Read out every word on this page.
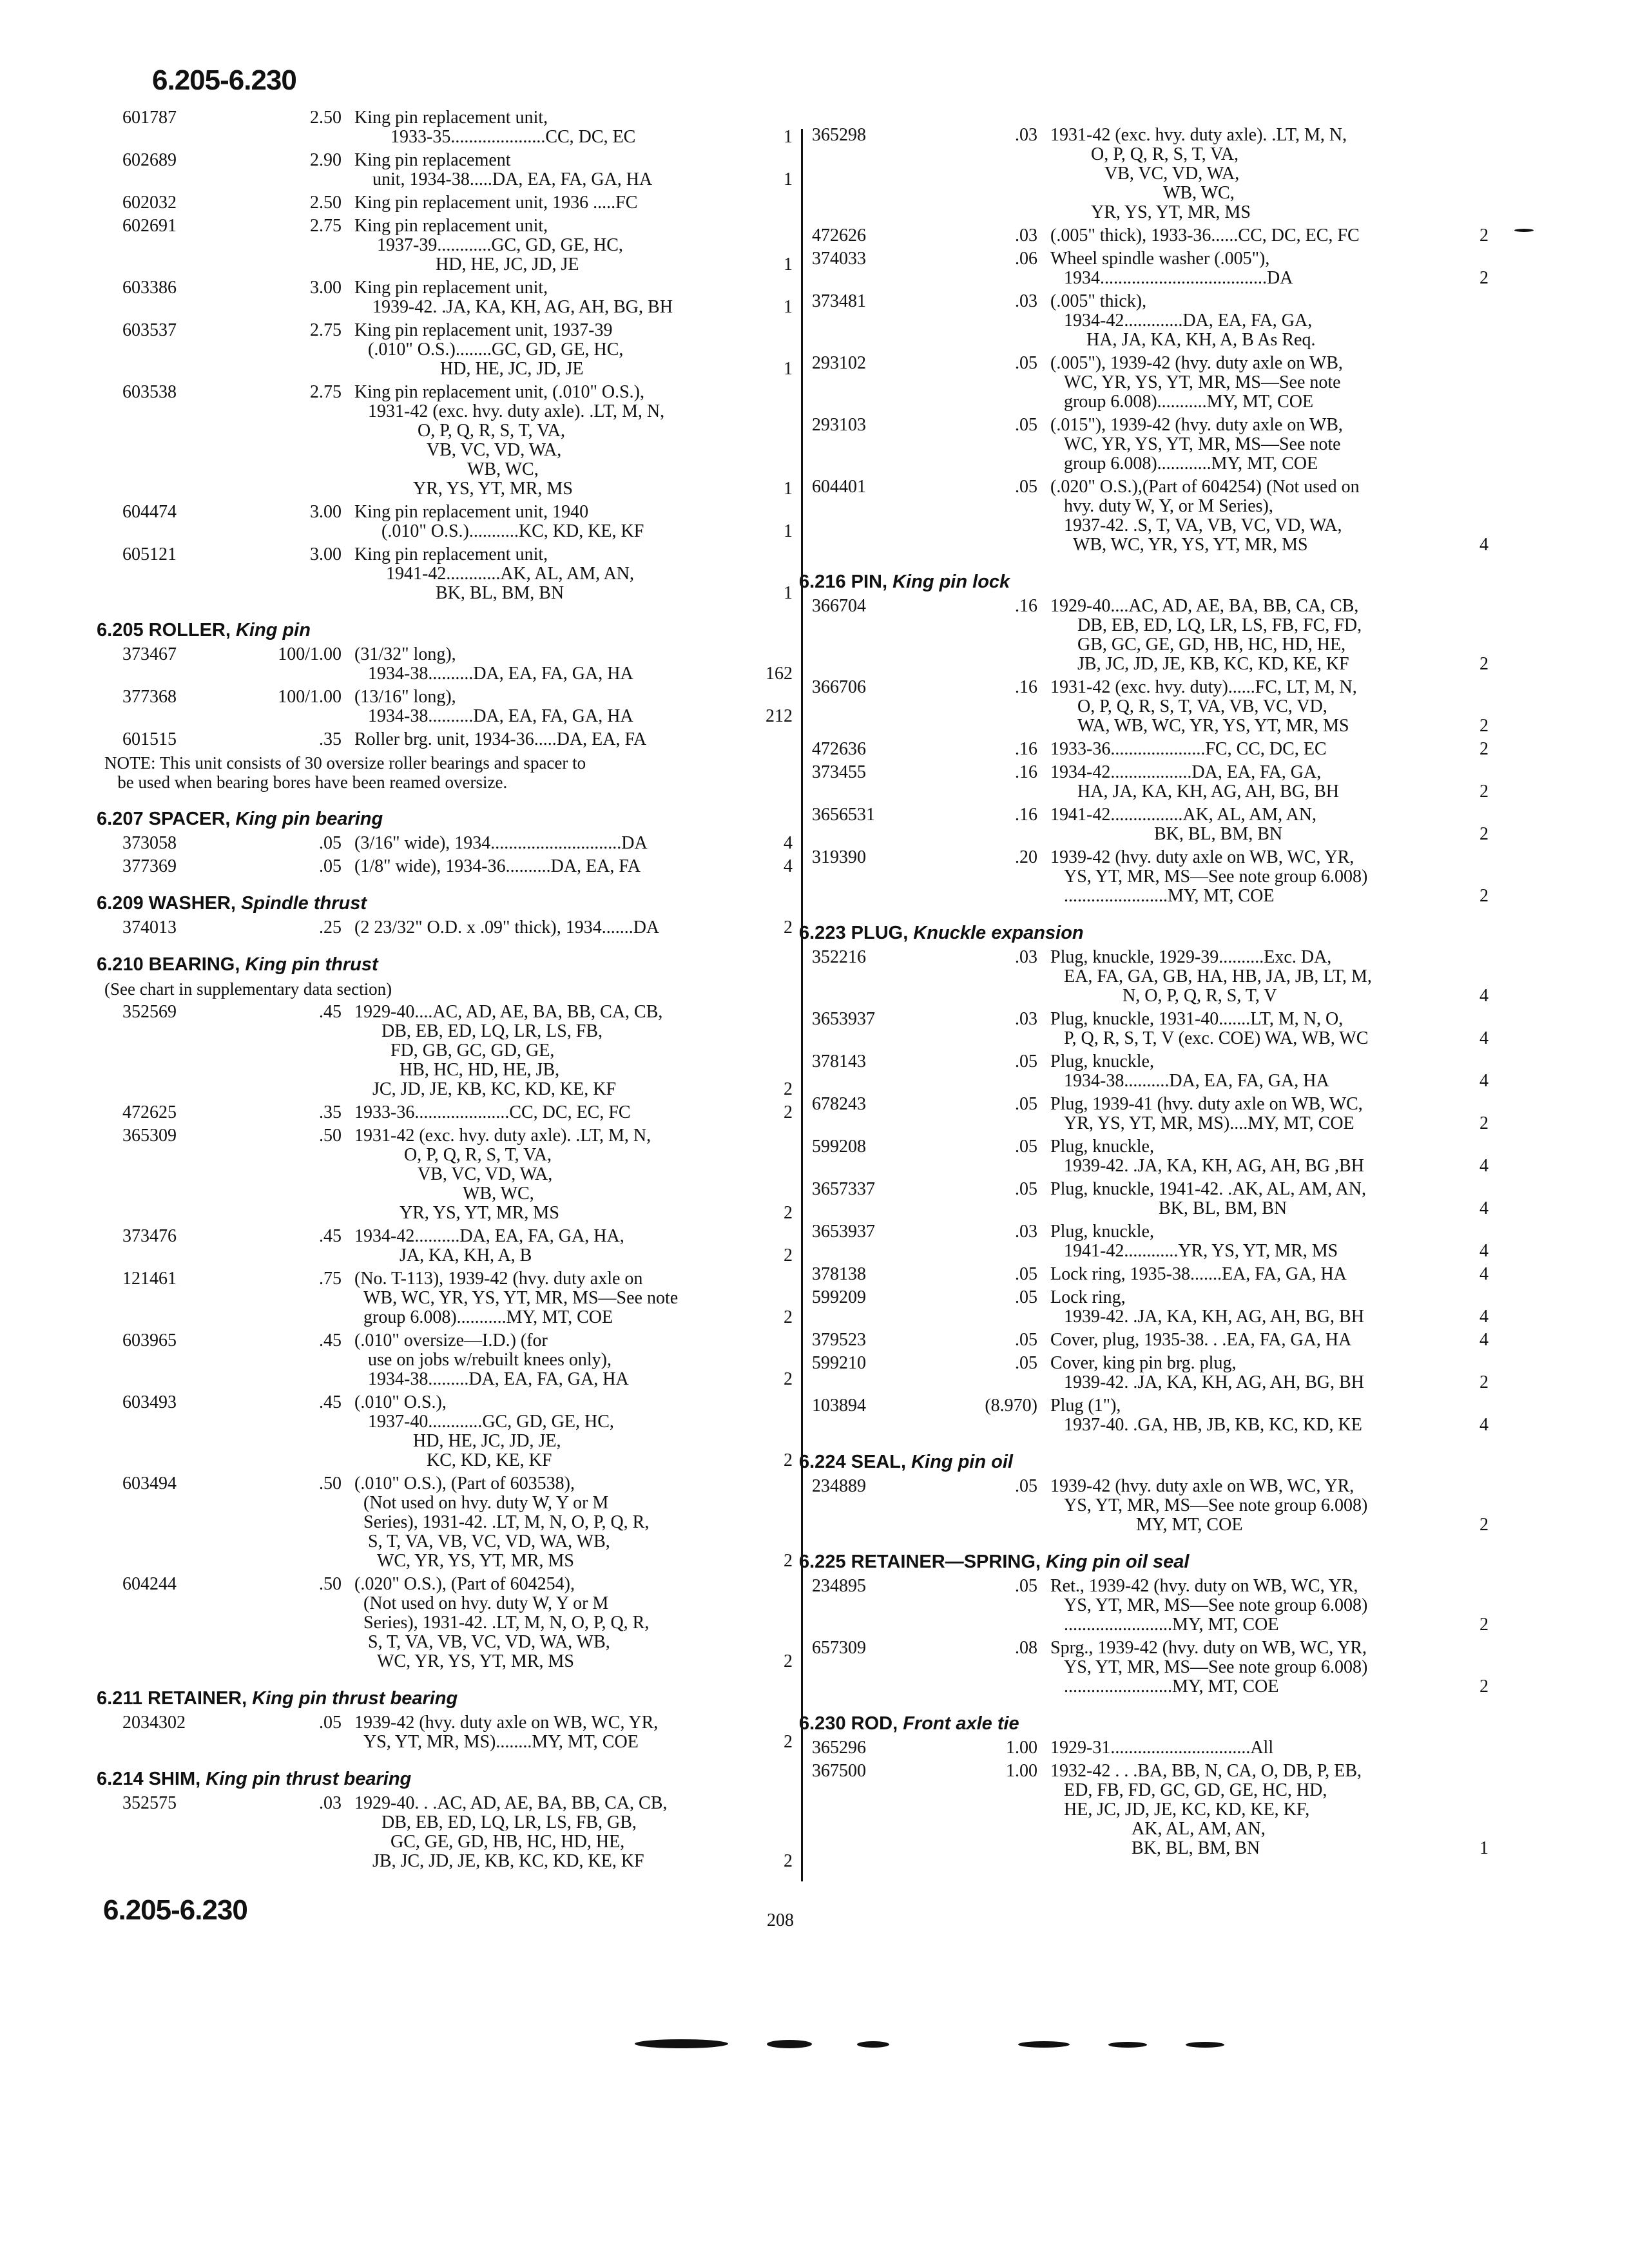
6.205-6.230
601787	2.50 King pin replacement unit,
1933-35.....................CC, DC, EC	1
602689	2.90 King pin replacement
unit, 1934-38.....DA, EA, FA, GA, HA	1
602032	2.50 King pin replacement unit, 1936 .....FC
602691	2.75 King pin replacement unit,
1937-39............GC, GD, GE, HC,
HD, HE, JC, JD, JE	1
603386	3.00 King pin replacement unit,
1939-42. .JA, KA, KH, AG, AH, BG, BH	1
603537	2.75 King pin replacement unit, 1937-39
(.010" O.S.)........GC, GD, GE, HC,
HD, HE, JC, JD, JE	1
603538	2.75 King pin replacement unit, (.010" O.S.),
1931-42 (exc. hvy. duty axle). .LT, M, N,
O, P, Q, R, S, T, VA,
VB, VC, VD, WA,
WB, WC,
YR, YS, YT, MR, MS	1
604474	3.00 King pin replacement unit, 1940
(.010" O.S.)...........KC, KD, KE, KF	1
605121	3.00 King pin replacement unit,
1941-42............AK, AL, AM, AN,
BK, BL, BM, BN	1
6.205 ROLLER, King pin
373467	100/1.00 (31/32" long),
1934-38..........DA, EA, FA, GA, HA	162
377368	100/1.00 (13/16" long),
1934-38..........DA, EA, FA, GA, HA	212
601515	.35 Roller brg. unit, 1934-36.....DA, EA, FA
NOTE: This unit consists of 30 oversize roller bearings and spacer to
be used when bearing bores have been reamed oversize.
6.207 SPACER, King pin bearing
373058	.05 (3/16" wide), 1934.............................DA	4
377369	.05 (1/8" wide), 1934-36..........DA, EA, FA	4
6.209 WASHER, Spindle thrust
374013	.25 (2 23/32" O.D. x .09" thick), 1934.......DA	2
6.210 BEARING, King pin thrust
(See chart in supplementary data section)
352569	.45 1929-40....AC, AD, AE, BA, BB, CA, CB,
DB, EB, ED, LQ, LR, LS, FB,
FD, GB, GC, GD, GE,
HB, HC, HD, HE, JB,
JC, JD, JE, KB, KC, KD, KE, KF	2
472625	.35 1933-36.....................CC, DC, EC, FC	2
365309	.50 1931-42 (exc. hvy. duty axle). .LT, M, N,
O, P, Q, R, S, T, VA,
VB, VC, VD, WA,
WB, WC,
YR, YS, YT, MR, MS	2
373476	.45 1934-42..........DA, EA, FA, GA, HA,
JA, KA, KH, A, B	2
121461	.75 (No. T-113), 1939-42 (hvy. duty axle on
WB, WC, YR, YS, YT, MR, MS—See note
group 6.008)...........MY, MT, COE	2
603965	.45 (.010" oversize—I.D.) (for
use on jobs w/rebuilt knees only),
1934-38.........DA, EA, FA, GA, HA	2
603493	.45 (.010" O.S.),
1937-40............GC, GD, GE, HC,
HD, HE, JC, JD, JE,
KC, KD, KE, KF	2
603494	.50 (.010" O.S.), (Part of 603538),
(Not used on hvy. duty W, Y or M
Series), 1931-42. .LT, M, N, O, P, Q, R,
S, T, VA, VB, VC, VD, WA, WB,
WC, YR, YS, YT, MR, MS	2
604244	.50 (.020" O.S.), (Part of 604254),
(Not used on hvy. duty W, Y or M
Series), 1931-42. .LT, M, N, O, P, Q, R,
S, T, VA, VB, VC, VD, WA, WB,
WC, YR, YS, YT, MR, MS	2
6.211 RETAINER, King pin thrust bearing
2034302	.05 1939-42 (hvy. duty axle on WB, WC, YR,
YS, YT, MR, MS)........MY, MT, COE	2
6.214 SHIM, King pin thrust bearing
352575	.03 1929-40. . .AC, AD, AE, BA, BB, CA, CB,
DB, EB, ED, LQ, LR, LS, FB, GB,
GC, GE, GD, HB, HC, HD, HE,
JB, JC, JD, JE, KB, KC, KD, KE, KF	2
365298	.03 1931-42 (exc. hvy. duty axle). .LT, M, N,
O, P, Q, R, S, T, VA,
VB, VC, VD, WA,
WB, WC,
YR, YS, YT, MR, MS
472626	.03 (.005" thick), 1933-36......CC, DC, EC, FC	2
374033	.06 Wheel spindle washer (.005"),
1934.....................................DA	2
373481	.03 (.005" thick),
1934-42.............DA, EA, FA, GA,
HA, JA, KA, KH, A, B As Req.
293102	.05 (.005"), 1939-42 (hvy. duty axle on WB,
WC, YR, YS, YT, MR, MS—See note
group 6.008)...........MY, MT, COE
293103	.05 (.015"), 1939-42 (hvy. duty axle on WB,
WC, YR, YS, YT, MR, MS—See note
group 6.008)............MY, MT, COE
604401	.05 (.020" O.S.),(Part of 604254) (Not used on
hvy. duty W, Y, or M Series),
1937-42. .S, T, VA, VB, VC, VD, WA,
WB, WC, YR, YS, YT, MR, MS	4
6.216 PIN, King pin lock
366704	.16 1929-40....AC, AD, AE, BA, BB, CA, CB,
DB, EB, ED, LQ, LR, LS, FB, FC, FD,
GB, GC, GE, GD, HB, HC, HD, HE,
JB, JC, JD, JE, KB, KC, KD, KE, KF	2
366706	.16 1931-42 (exc. hvy. duty)......FC, LT, M, N,
O, P, Q, R, S, T, VA, VB, VC, VD,
WA, WB, WC, YR, YS, YT, MR, MS	2
472636	.16 1933-36.....................FC, CC, DC, EC	2
373455	.16 1934-42..................DA, EA, FA, GA,
HA, JA, KA, KH, AG, AH, BG, BH	2
3656531	.16 1941-42................AK, AL, AM, AN,
BK, BL, BM, BN	2
319390	.20 1939-42 (hvy. duty axle on WB, WC, YR,
YS, YT, MR, MS—See note group 6.008)
.......................MY, MT, COE	2
6.223 PLUG, Knuckle expansion
352216	.03 Plug, knuckle, 1929-39..........Exc. DA,
EA, FA, GA, GB, HA, HB, JA, JB, LT, M,
N, O, P, Q, R, S, T, V	4
3653937	.03 Plug, knuckle, 1931-40.......LT, M, N, O,
P, Q, R, S, T, V (exc. COE) WA, WB, WC	4
378143	.05 Plug, knuckle,
1934-38..........DA, EA, FA, GA, HA	4
678243	.05 Plug, 1939-41 (hvy. duty axle on WB, WC,
YR, YS, YT, MR, MS)....MY, MT, COE	2
599208	.05 Plug, knuckle,
1939-42. .JA, KA, KH, AG, AH, BG ,BH	4
3657337	.05 Plug, knuckle, 1941-42. .AK, AL, AM, AN,
BK, BL, BM, BN	4
3653937	.03 Plug, knuckle,
1941-42............YR, YS, YT, MR, MS	4
378138	.05 Lock ring, 1935-38.......EA, FA, GA, HA	4
599209	.05 Lock ring,
1939-42. .JA, KA, KH, AG, AH, BG, BH	4
379523	.05 Cover, plug, 1935-38. . .EA, FA, GA, HA	4
599210	.05 Cover, king pin brg. plug,
1939-42. .JA, KA, KH, AG, AH, BG, BH	2
103894	(8.970) Plug (1"),
1937-40. .GA, HB, JB, KB, KC, KD, KE	4
6.224 SEAL, King pin oil
234889	.05 1939-42 (hvy. duty axle on WB, WC, YR,
YS, YT, MR, MS—See note group 6.008)
MY, MT, COE	2
6.225 RETAINER—SPRING, King pin oil seal
234895	.05 Ret., 1939-42 (hvy. duty on WB, WC, YR,
YS, YT, MR, MS—See note group 6.008)
........................MY, MT, COE	2
657309	.08 Sprg., 1939-42 (hvy. duty on WB, WC, YR,
YS, YT, MR, MS—See note group 6.008)
........................MY, MT, COE	2
6.230 ROD, Front axle tie
365296	1.00 1929-31...............................All
367500	1.00 1932-42 . . .BA, BB, N, CA, O, DB, P, EB,
ED, FB, FD, GC, GD, GE, HC, HD,
HE, JC, JD, JE, KC, KD, KE, KF,
AK, AL, AM, AN,
BK, BL, BM, BN	1
208
6.205-6.230
